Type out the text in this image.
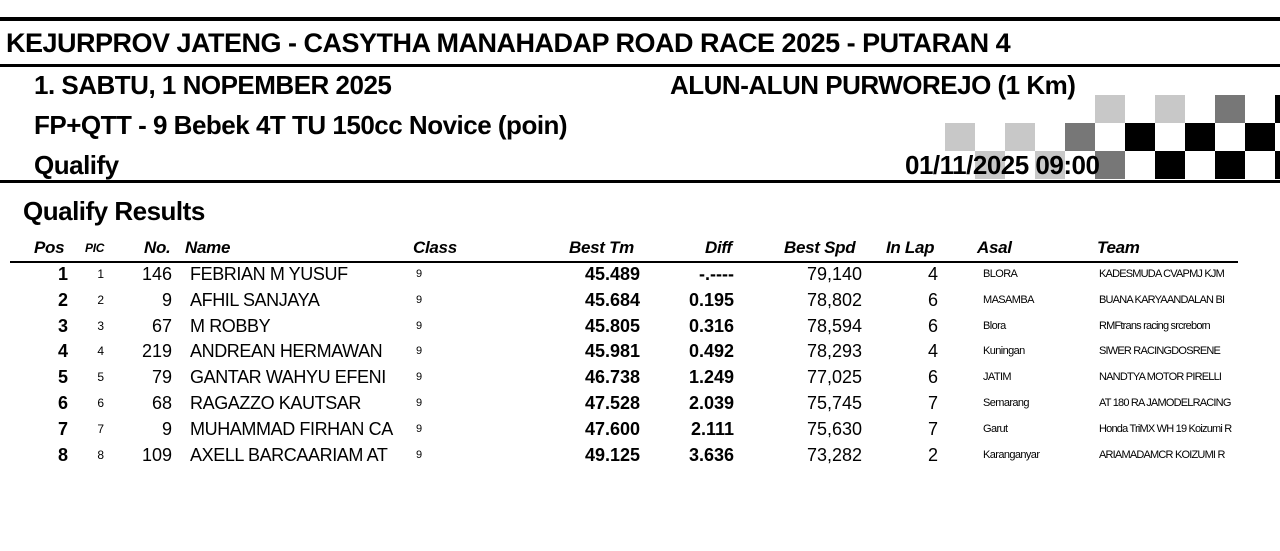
KEJURPROV JATENG - CASYTHA MANAHADAP ROAD RACE 2025 - PUTARAN 4
1. SABTU, 1 NOPEMBER 2025	ALUN-ALUN PURWOREJO (1 Km)
FP+QTT - 9 Bebek 4T TU 150cc Novice (poin)
Qualify	01/11/2025 09:00
Qualify Results
Pos PIC No. Name	Class	Best Tm	Diff	Best Spd In Lap	Asal	Team
1	1	146 FEBRIAN M YUSUF	9	45.489	-.----	79,140	4	BLORA	KADESMUDA CVAPMJ KJM
2	2	9 AFHIL SANJAYA	9	45.684	0.195	78,802	6	MASAMBA	BUANA KARYAANDALAN BI
3	3	67 M ROBBY	9	45.805	0.316	78,594	6	Blora	RMFtrans racing srcreborn
4	4	219 ANDREAN HERMAWAN	9	45.981	0.492	78,293	4	Kuningan	SIWER RACINGDOSRENE
5	5	79 GANTAR WAHYU EFENI	9	46.738	1.249	77,025	6	JATIM	NANDTYA MOTOR PIRELLI
6	6	68 RAGAZZO KAUTSAR	9	47.528	2.039	75,745	7	Semarang	AT 180 RA JAMODELRACING
7	7	9 MUHAMMAD FIRHAN CA	9	47.600	2.111	75,630	7	Garut	Honda TriMX WH 19 Koizumi R
8	8	109 AXELL BARCAARIAM AT	9	49.125	3.636	73,282	2	Karanganyar	ARIAMADAMCR KOIZUMI R
